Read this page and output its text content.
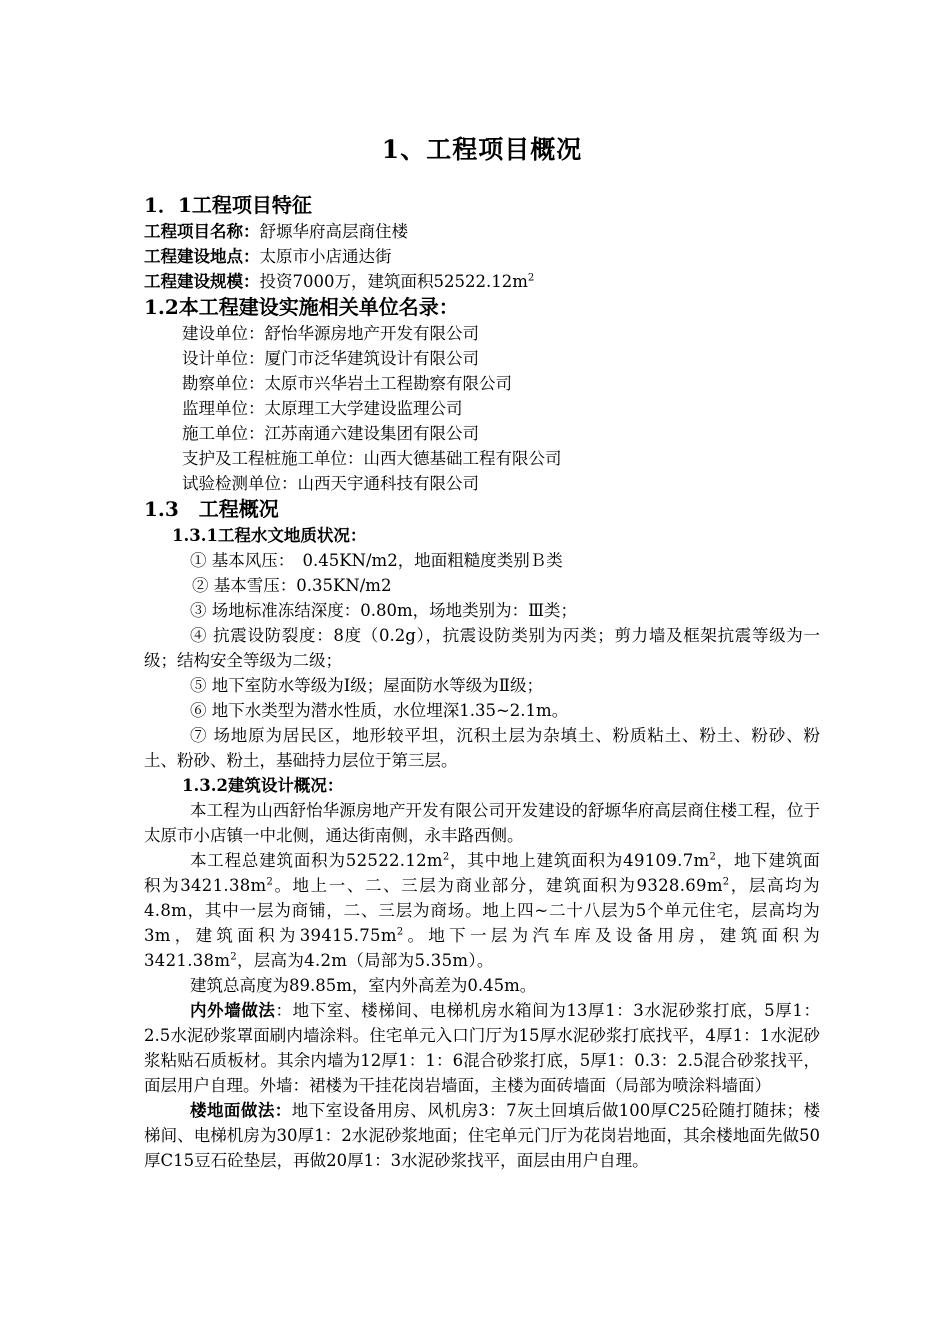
1、工程项目概况
1．1工程项目特征
工程项目名称：舒塬华府高层商住楼
工程建设地点：太原市小店通达街
工程建设规模：投资7000万，建筑面积$52522.12m^2$
1.2本工程建设实施相关单位名录：
建设单位：舒怡华源房地产开发有限公司
设计单位：厦门市泛华建筑设计有限公司
勘察单位：太原市兴华岩土工程勘察有限公司
监理单位：太原理工大学建设监理公司
施工单位：江苏南通六建设集团有限公司
支护及工程桩施工单位：山西大德基础工程有限公司
试验检测单位：山西天宇通科技有限公司
1.3　工程概况
1.3.1工程水文地质状况：
① 基本风压：　0.45KN/m2，地面粗糙度类别Ｂ类
② 基本雪压：0.35KN/m2
③ 场地标准冻结深度：0.80m，场地类别为：Ⅲ类；
④ 抗震设防裂度：8度（0.2g），抗震设防类别为丙类；剪力墙及框架抗震等级为一级；结构安全等级为二级；
⑤ 地下室防水等级为Ⅰ级；屋面防水等级为Ⅱ级；
⑥ 地下水类型为潜水性质，水位埋深1.35~2.1m。
⑦ 场地原为居民区，地形较平坦，沉积土层为杂填土、粉质粘土、粉土、粉砂、粉土、粉砂、粉土，基础持力层位于第三层。
1.3.2建筑设计概况：
本工程为山西舒怡华源房地产开发有限公司开发建设的舒塬华府高层商住楼工程，位于太原市小店镇一中北侧，通达街南侧，永丰路西侧。
本工程总建筑面积为$52522.12m^2$，其中地上建筑面积为$49109.7m^2$，地下建筑面积为$3421.38m^2$。地上一、二、三层为商业部分，建筑面积为$9328.69m^2$，层高均为4.8m，其中一层为商铺，二、三层为商场。地上四~二十八层为5个单元住宅，层高均为3m，建筑面积为$39415.75m^2$。地下一层为汽车库及设备用房，建筑面积为$3421.38m^2$，层高为4.2m（局部为5.35m）。
建筑总高度为89.85m，室内外高差为0.45m。
内外墙做法：地下室、楼梯间、电梯机房水箱间为13厚1：3水泥砂浆打底，5厚1：2.5水泥砂浆罩面刷内墙涂料。住宅单元入口门厅为15厚水泥砂浆打底找平，4厚1：1水泥砂浆粘贴石质板材。其余内墙为12厚1：1：6混合砂浆打底，5厚1：0.3：2.5混合砂浆找平，面层用户自理。外墙：裙楼为干挂花岗岩墙面，主楼为面砖墙面（局部为喷涂料墙面）
楼地面做法：地下室设备用房、风机房3：7灰土回填后做100厚C25砼随打随抹；楼梯间、电梯机房为30厚1：2水泥砂浆地面；住宅单元门厅为花岗岩地面，其余楼地面先做50厚C15豆石砼垫层，再做20厚1：3水泥砂浆找平，面层由用户自理。
